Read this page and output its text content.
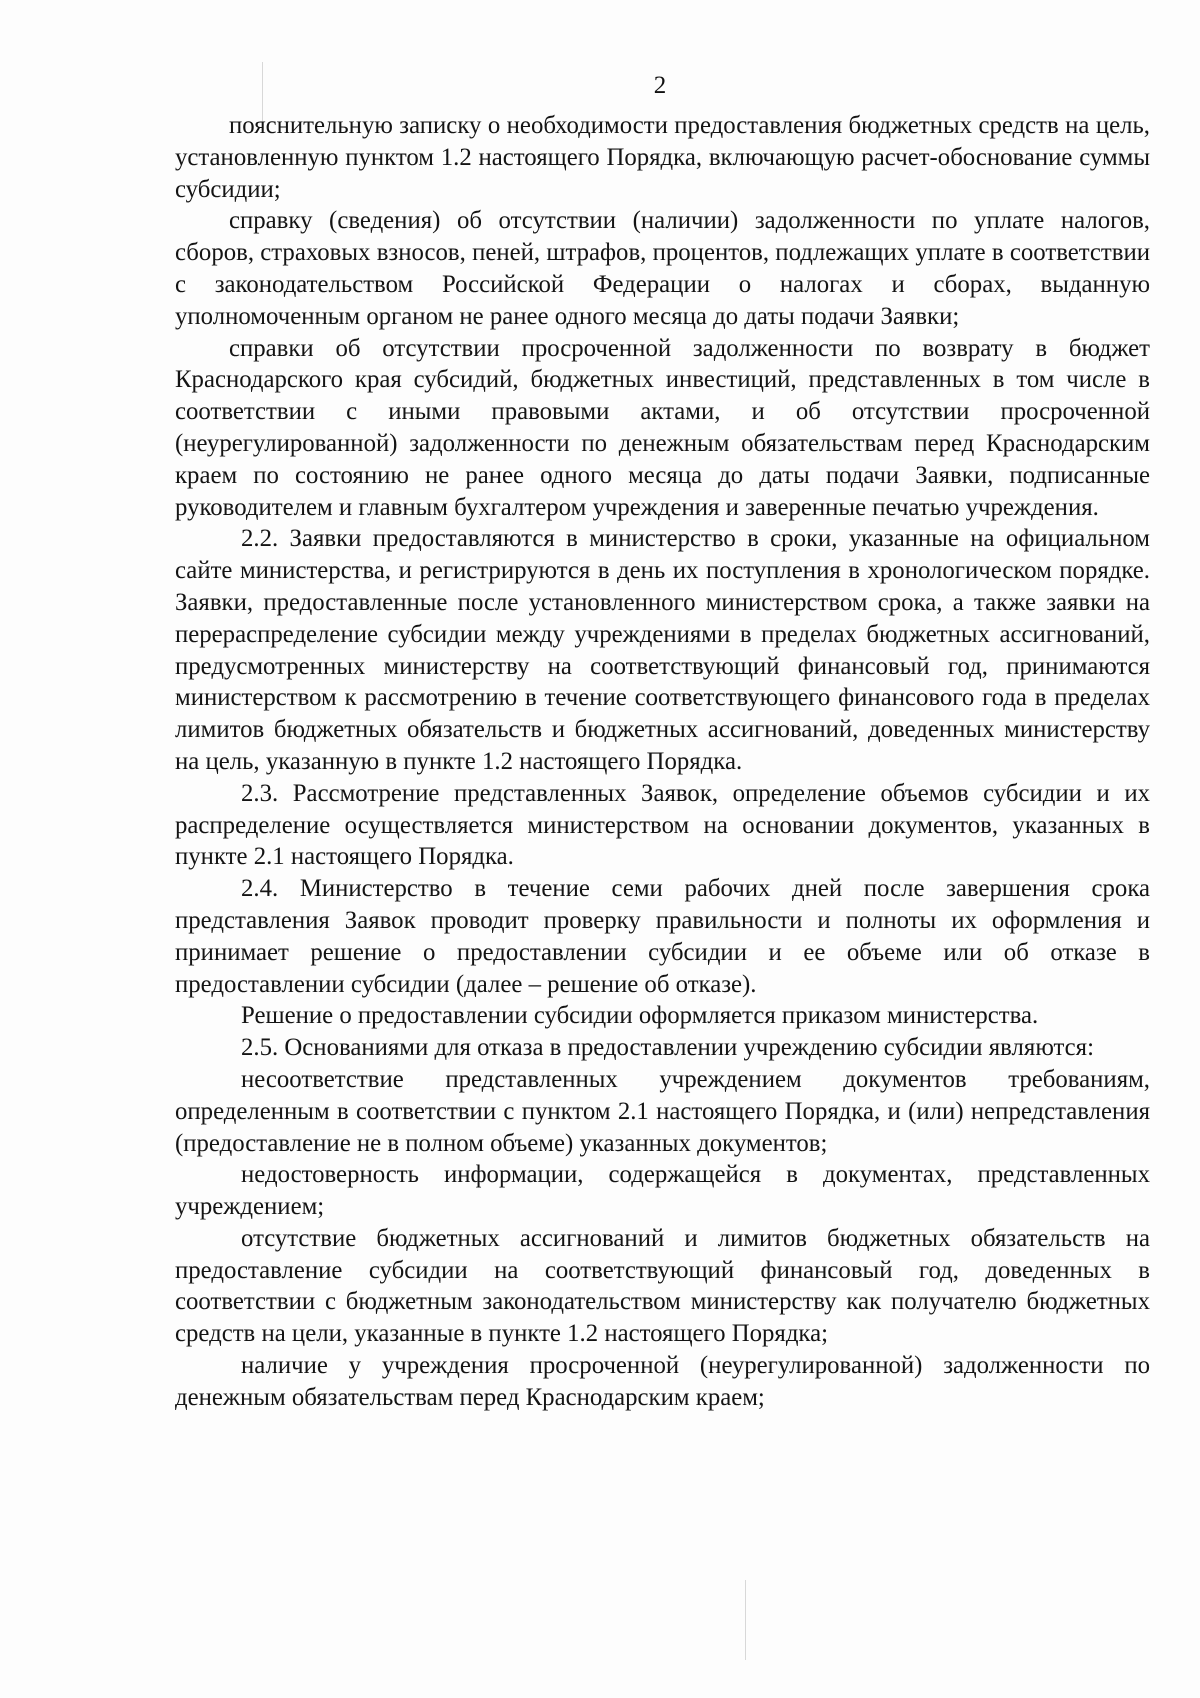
2

пояснительную записку о необходимости предоставления бюджетных средств на цель, установленную пунктом 1.2 настоящего Порядка, включающую расчет-обоснование суммы субсидии;

справку (сведения) об отсутствии (наличии) задолженности по уплате налогов, сборов, страховых взносов, пеней, штрафов, процентов, подлежащих уплате в соответствии с законодательством Российской Федерации о налогах и сборах, выданную уполномоченным органом не ранее одного месяца до даты подачи Заявки;

справки об отсутствии просроченной задолженности по возврату в бюджет Краснодарского края субсидий, бюджетных инвестиций, представленных в том числе в соответствии с иными правовыми актами, и об отсутствии просроченной (неурегулированной) задолженности по денежным обязательствам перед Краснодарским краем по состоянию не ранее одного месяца до даты подачи Заявки, подписанные руководителем и главным бухгалтером учреждения и заверенные печатью учреждения.

2.2. Заявки предоставляются в министерство в сроки, указанные на официальном сайте министерства, и регистрируются в день их поступления в хронологическом порядке. Заявки, предоставленные после установленного министерством срока, а также заявки на перераспределение субсидии между учреждениями в пределах бюджетных ассигнований, предусмотренных министерству на соответствующий финансовый год, принимаются министерством к рассмотрению в течение соответствующего финансового года в пределах лимитов бюджетных обязательств и бюджетных ассигнований, доведенных министерству на цель, указанную в пункте 1.2 настоящего Порядка.

2.3. Рассмотрение представленных Заявок, определение объемов субсидии и их распределение осуществляется министерством на основании документов, указанных в пункте 2.1 настоящего Порядка.

2.4. Министерство в течение семи рабочих дней после завершения срока представления Заявок проводит проверку правильности и полноты их оформления и принимает решение о предоставлении субсидии и ее объеме или об отказе в предоставлении субсидии (далее – решение об отказе).

Решение о предоставлении субсидии оформляется приказом министерства.

2.5. Основаниями для отказа в предоставлении учреждению субсидии являются:

несоответствие представленных учреждением документов требованиям, определенным в соответствии с пунктом 2.1 настоящего Порядка, и (или) непредставления (предоставление не в полном объеме) указанных документов;

недостоверность информации, содержащейся в документах, представленных учреждением;

отсутствие бюджетных ассигнований и лимитов бюджетных обязательств на предоставление субсидии на соответствующий финансовый год, доведенных в соответствии с бюджетным законодательством министерству как получателю бюджетных средств на цели, указанные в пункте 1.2 настоящего Порядка;

наличие у учреждения просроченной (неурегулированной) задолженности по денежным обязательствам перед Краснодарским краем;
